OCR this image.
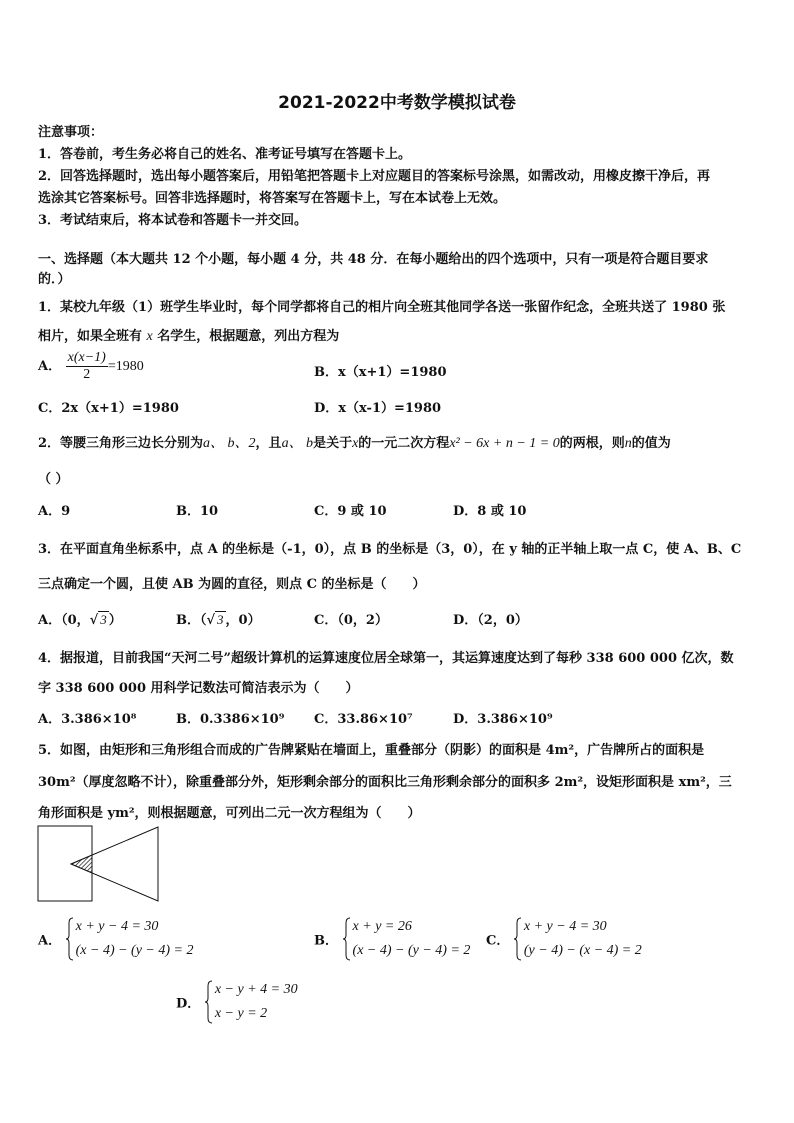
2021-2022中考数学模拟试卷
注意事项：
1．答卷前，考生务必将自己的姓名、准考证号填写在答题卡上。
2．回答选择题时，选出每小题答案后，用铅笔把答题卡上对应题目的答案标号涂黑，如需改动，用橡皮擦干净后，再
选涂其它答案标号。回答非选择题时，将答案写在答题卡上，写在本试卷上无效。
3．考试结束后，将本试卷和答题卡一并交回。
一、选择题（本大题共 12 个小题，每小题 4 分，共 48 分．在每小题给出的四个选项中，只有一项是符合题目要求
的．）
1．某校九年级（1）班学生毕业时，每个同学都将自己的相片向全班其他同学各送一张留作纪念，全班共送了 1980 张
相片，如果全班有 x 名学生，根据题意，列出方程为
A． $\frac{x(x-1)}{2} =1980$	B．x（x+1）=1980
C．2x（x+1）=1980	D．x（x-1）=1980
2．等腰三角形三边长分别为a、 b、2，且a、 b是关于x的一元二次方程x² − 6x + n − 1 = 0的两根，则n的值为
（ ）
A．9	B．10	C．9 或 10	D．8 或 10
3．在平面直角坐标系中，点 A 的坐标是（-1，0），点 B 的坐标是（3，0），在 y 轴的正半轴上取一点 C，使 A、B、C
三点确定一个圆，且使 AB 为圆的直径，则点 C 的坐标是（　　）
A．（0，√ 3 ）	B．（√ 3 ，0）	C．（0，2）	D．（2，0）
4．据报道，目前我国“天河二号”超级计算机的运算速度位居全球第一，其运算速度达到了每秒 338 600 000 亿次，数
字 338 600 000 用科学记数法可简洁表示为（　　）
A．3.386×10⁸	B．0.3386×10⁹ C．33.86×10⁷	D．3.386×10⁹
5．如图，由矩形和三角形组合而成的广告牌紧贴在墙面上，重叠部分（阴影）的面积是 4m²，广告牌所占的面积是
30m²（厚度忽略不计），除重叠部分外，矩形剩余部分的面积比三角形剩余部分的面积多 2m²，设矩形面积是 xm²，三
角形面积是 ym²，则根据题意，可列出二元一次方程组为（　　）
A．
x + y − 4 = 30
(x − 4) − (y − 4) = 2
B．
x + y = 26
(x − 4) − (y − 4) = 2
C．
x + y − 4 = 30
(y − 4) − (x − 4) = 2
D．
x − y + 4 = 30
x − y = 2
